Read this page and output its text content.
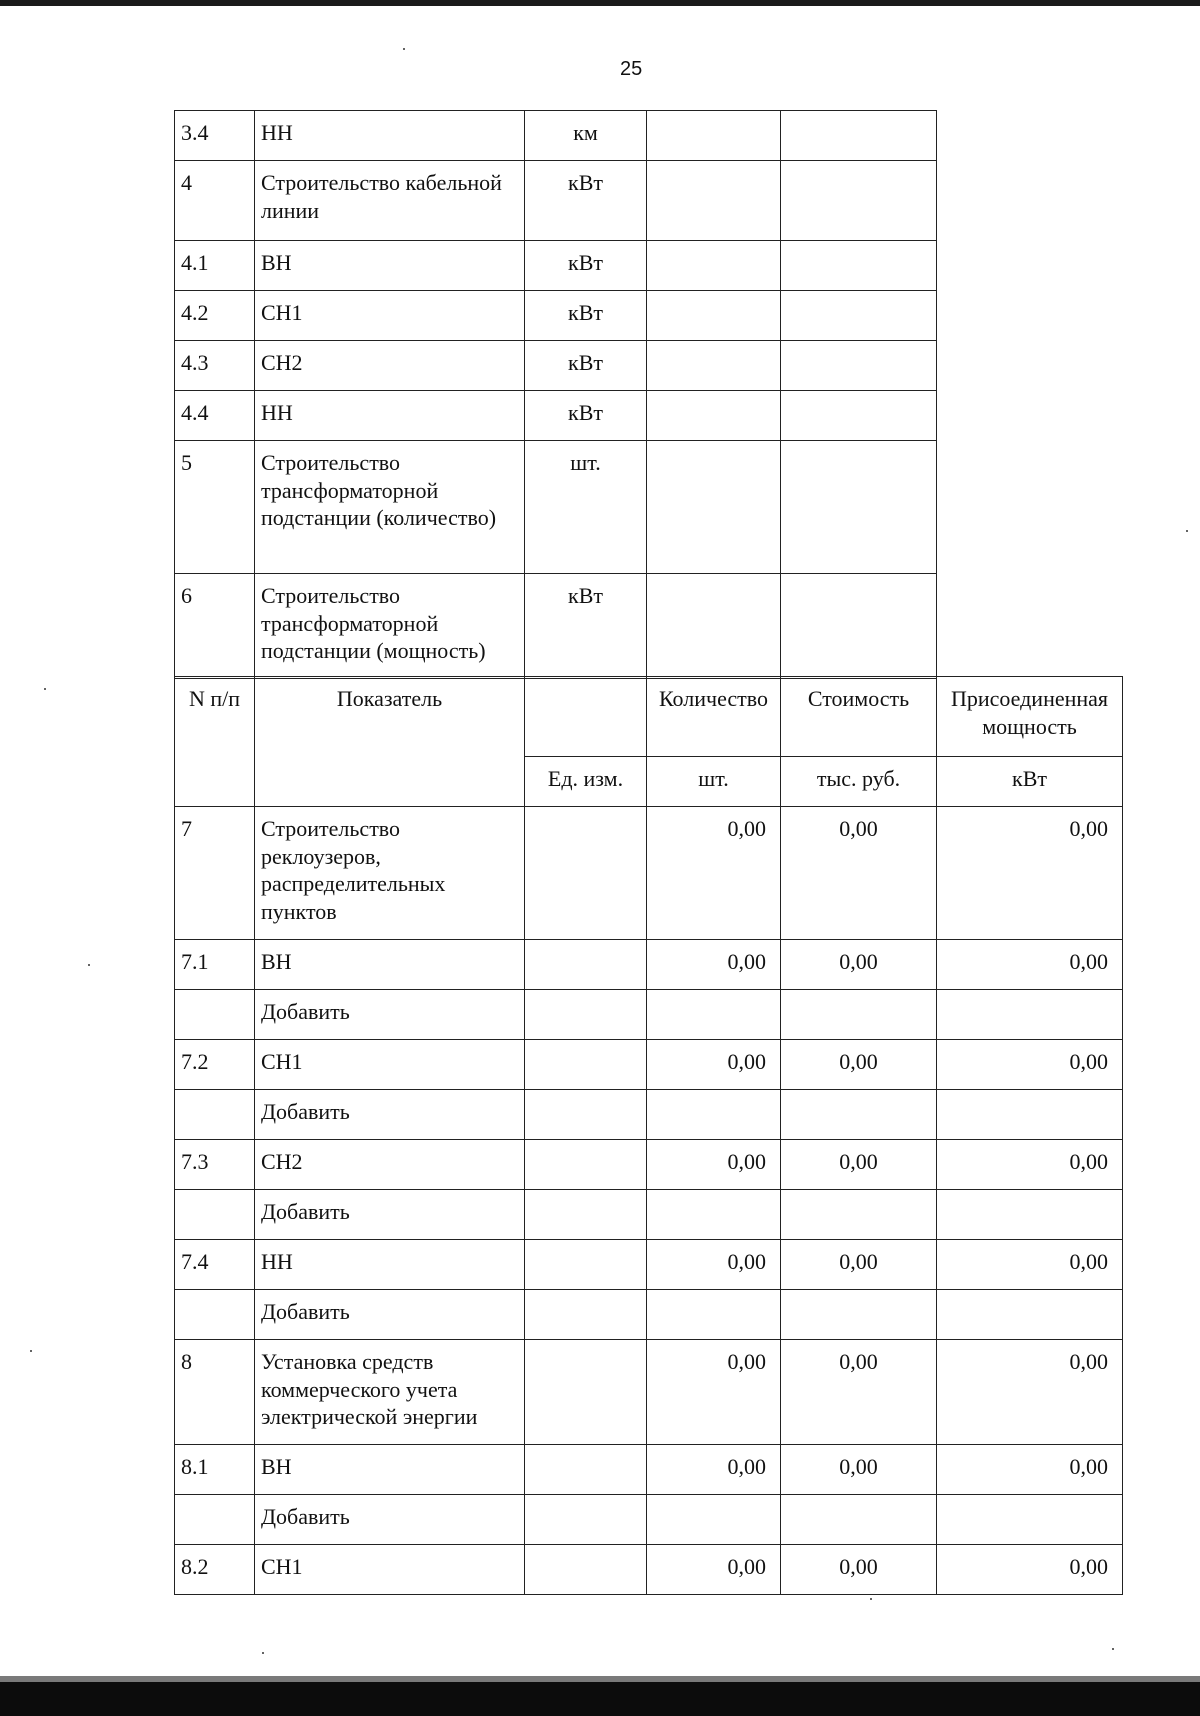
25
3.4	НН	км		
4	Строительство кабельной линии	кВт		
4.1	ВН	кВт		
4.2	СН1	кВт		
4.3	СН2	кВт		
4.4	НН	кВт		
5	Строительство трансформаторной подстанции (количество)	шт.		
6	Строительство трансформаторной подстанции (мощность)	кВт		
N п/п	Показатель		Количество	Стоимость	Присоединенная мощность
		Ед. изм.	шт.	тыс. руб.	кВт
7	Строительство реклоузеров, распределительных пунктов		0,00	0,00	0,00
7.1	ВН		0,00	0,00	0,00
	Добавить				
7.2	СН1		0,00	0,00	0,00
	Добавить				
7.3	СН2		0,00	0,00	0,00
	Добавить				
7.4	НН		0,00	0,00	0,00
	Добавить				
8	Установка средств коммерческого учета электрической энергии		0,00	0,00	0,00
8.1	ВН		0,00	0,00	0,00
	Добавить				
8.2	СН1		0,00	0,00	0,00
